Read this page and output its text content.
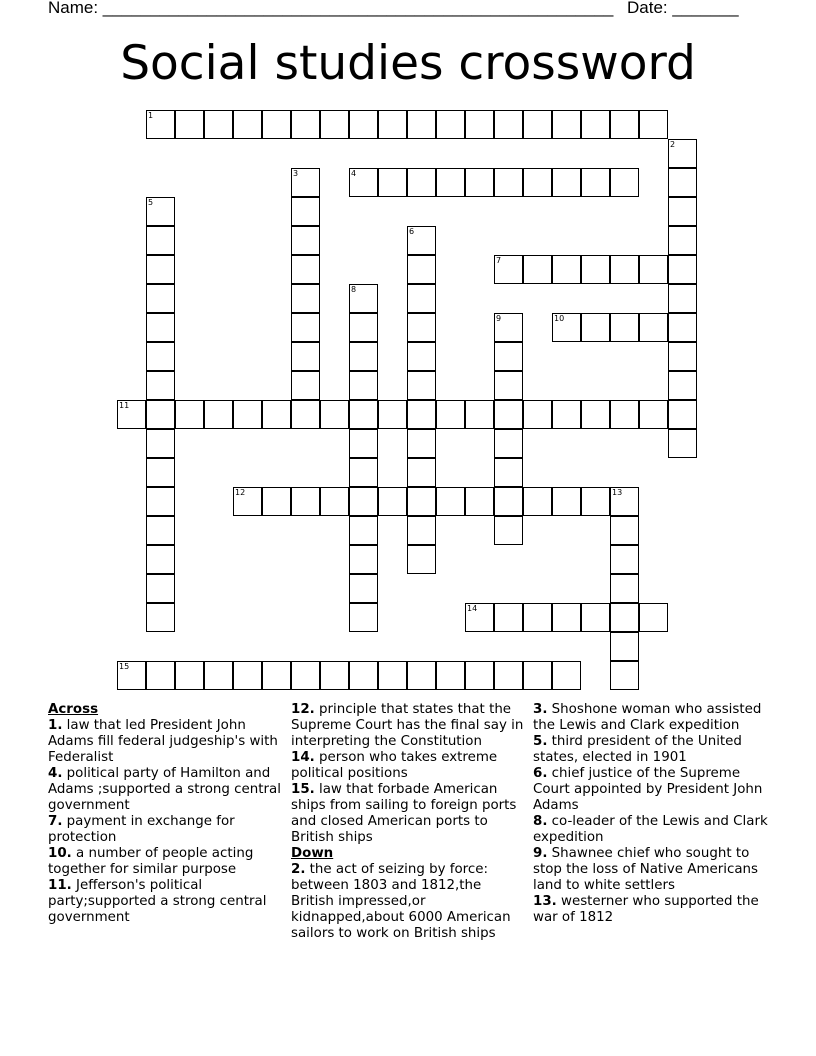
Name: ______________________________________________________ Date: _______
Social studies crossword
1
2
3	4
5
6
7
8
9	10
11
12	13
14
15
Across

1. law that led President John Adams fill federal judgeship's with Federalist

4. political party of Hamilton and Adams ;supported a strong central government

7. payment in exchange for protection

10. a number of people acting together for similar purpose

11. Jefferson's political party;supported a strong central government

12. principle that states that the Supreme Court has the final say in interpreting the Constitution

14. person who takes extreme political positions

15. law that forbade American ships from sailing to foreign ports and closed American ports to British ships

Down

2. the act of seizing by force: between 1803 and 1812,the British impressed,or kidnapped,about 6000 American sailors to work on British ships

3. Shoshone woman who assisted the Lewis and Clark expedition

5. third president of the United states, elected in 1901

6. chief justice of the Supreme Court appointed by President John Adams

8. co-leader of the Lewis and Clark expedition

9. Shawnee chief who sought to stop the loss of Native Americans land to white settlers

13. westerner who supported the war of 1812
